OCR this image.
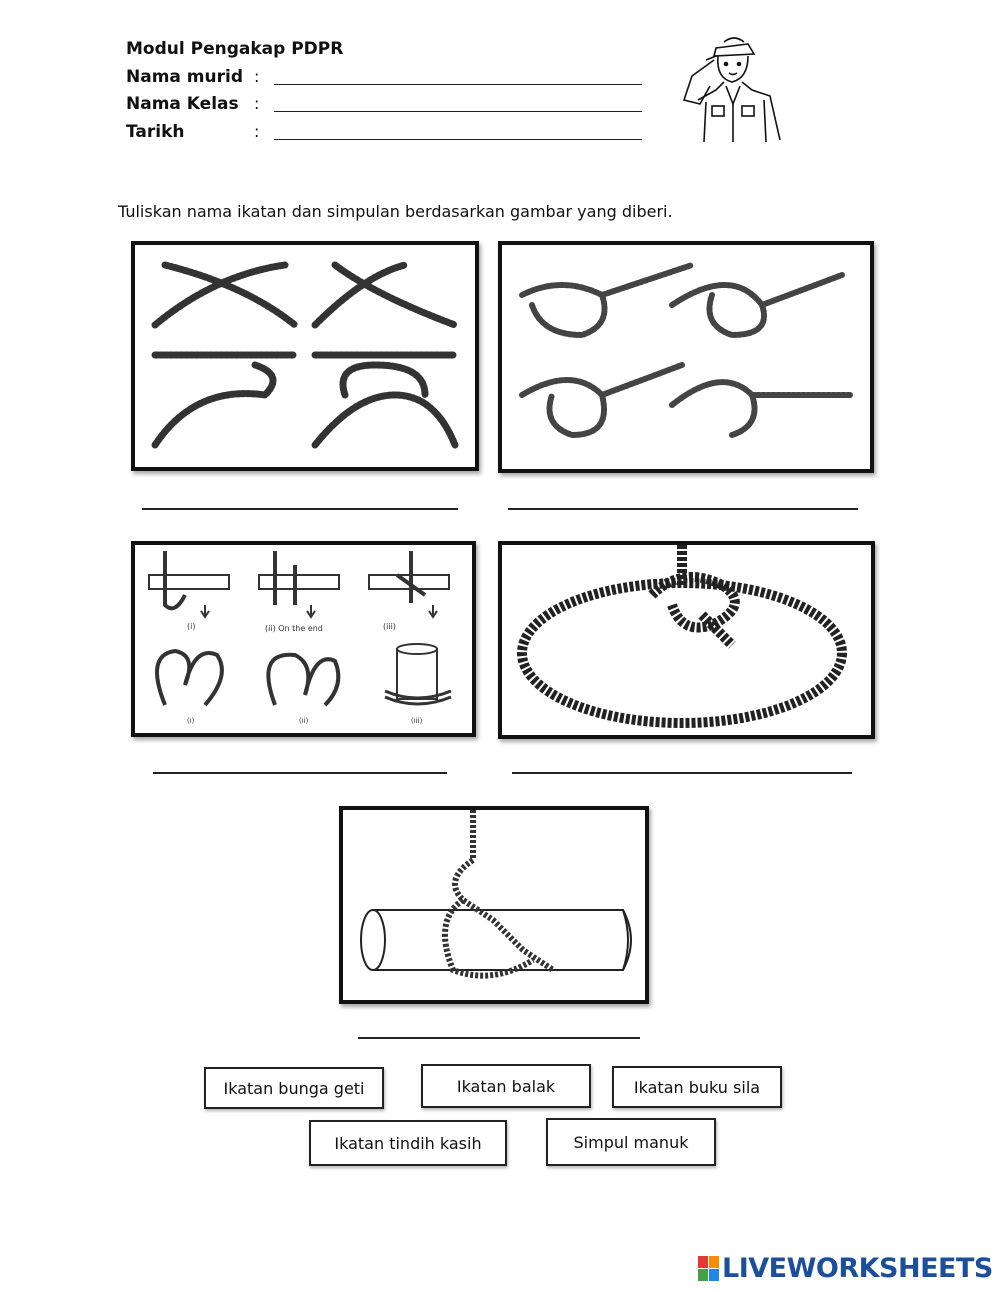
Modul Pengakap PDPR
Nama murid :
Nama Kelas :
Tarikh	:
Tuliskan nama ikatan dan simpulan berdasarkan gambar yang diberi.
(i)	(ii) On the end	(iii)
(i)	(ii)	(iii)
Ikatan bunga geti	Ikatan balak	Ikatan buku sila
Ikatan tindih kasih	Simpul manuk
LIVEWORKSHEETS
